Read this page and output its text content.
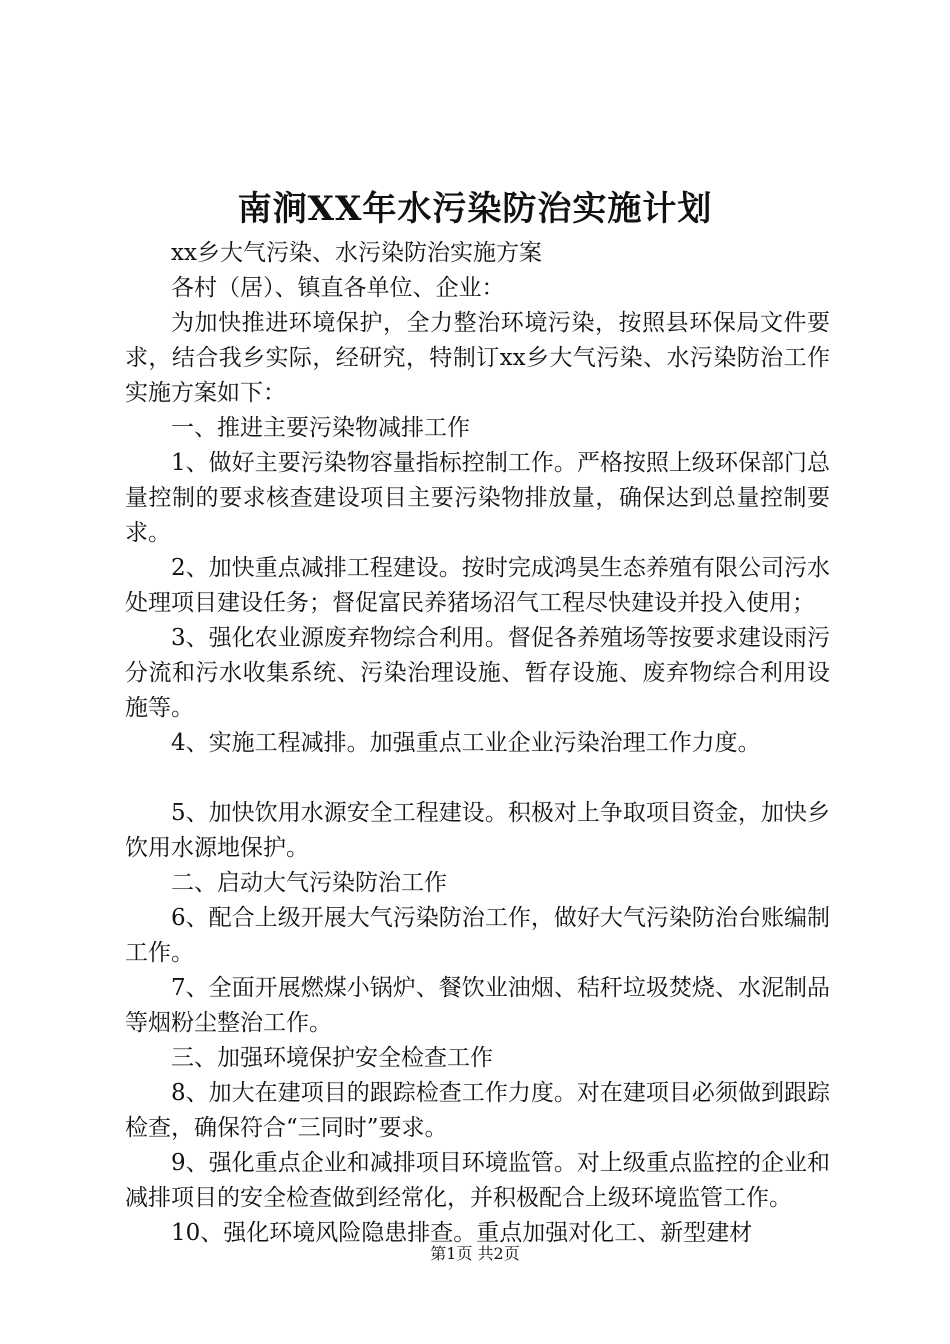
南涧XX年水污染防治实施计划

xx乡大气污染、水污染防治实施方案

各村（居）、镇直各单位、企业：

为加快推进环境保护，全力整治环境污染，按照县环保局文件要求，结合我乡实际，经研究，特制订xx乡大气污染、水污染防治工作实施方案如下：

一、推进主要污染物减排工作

1、做好主要污染物容量指标控制工作。严格按照上级环保部门总量控制的要求核查建设项目主要污染物排放量，确保达到总量控制要求。

2、加快重点减排工程建设。按时完成鸿昊生态养殖有限公司污水处理项目建设任务；督促富民养猪场沼气工程尽快建设并投入使用；

3、强化农业源废弃物综合利用。督促各养殖场等按要求建设雨污分流和污水收集系统、污染治理设施、暂存设施、废弃物综合利用设施等。

4、实施工程减排。加强重点工业企业污染治理工作力度。

5、加快饮用水源安全工程建设。积极对上争取项目资金，加快乡饮用水源地保护。

二、启动大气污染防治工作

6、配合上级开展大气污染防治工作，做好大气污染防治台账编制工作。

7、全面开展燃煤小锅炉、餐饮业油烟、秸秆垃圾焚烧、水泥制品等烟粉尘整治工作。

三、加强环境保护安全检查工作

8、加大在建项目的跟踪检查工作力度。对在建项目必须做到跟踪检查，确保符合“三同时”要求。

9、强化重点企业和减排项目环境监管。对上级重点监控的企业和减排项目的安全检查做到经常化，并积极配合上级环境监管工作。

10、强化环境风险隐患排查。重点加强对化工、新型建材

第1页 共2页
